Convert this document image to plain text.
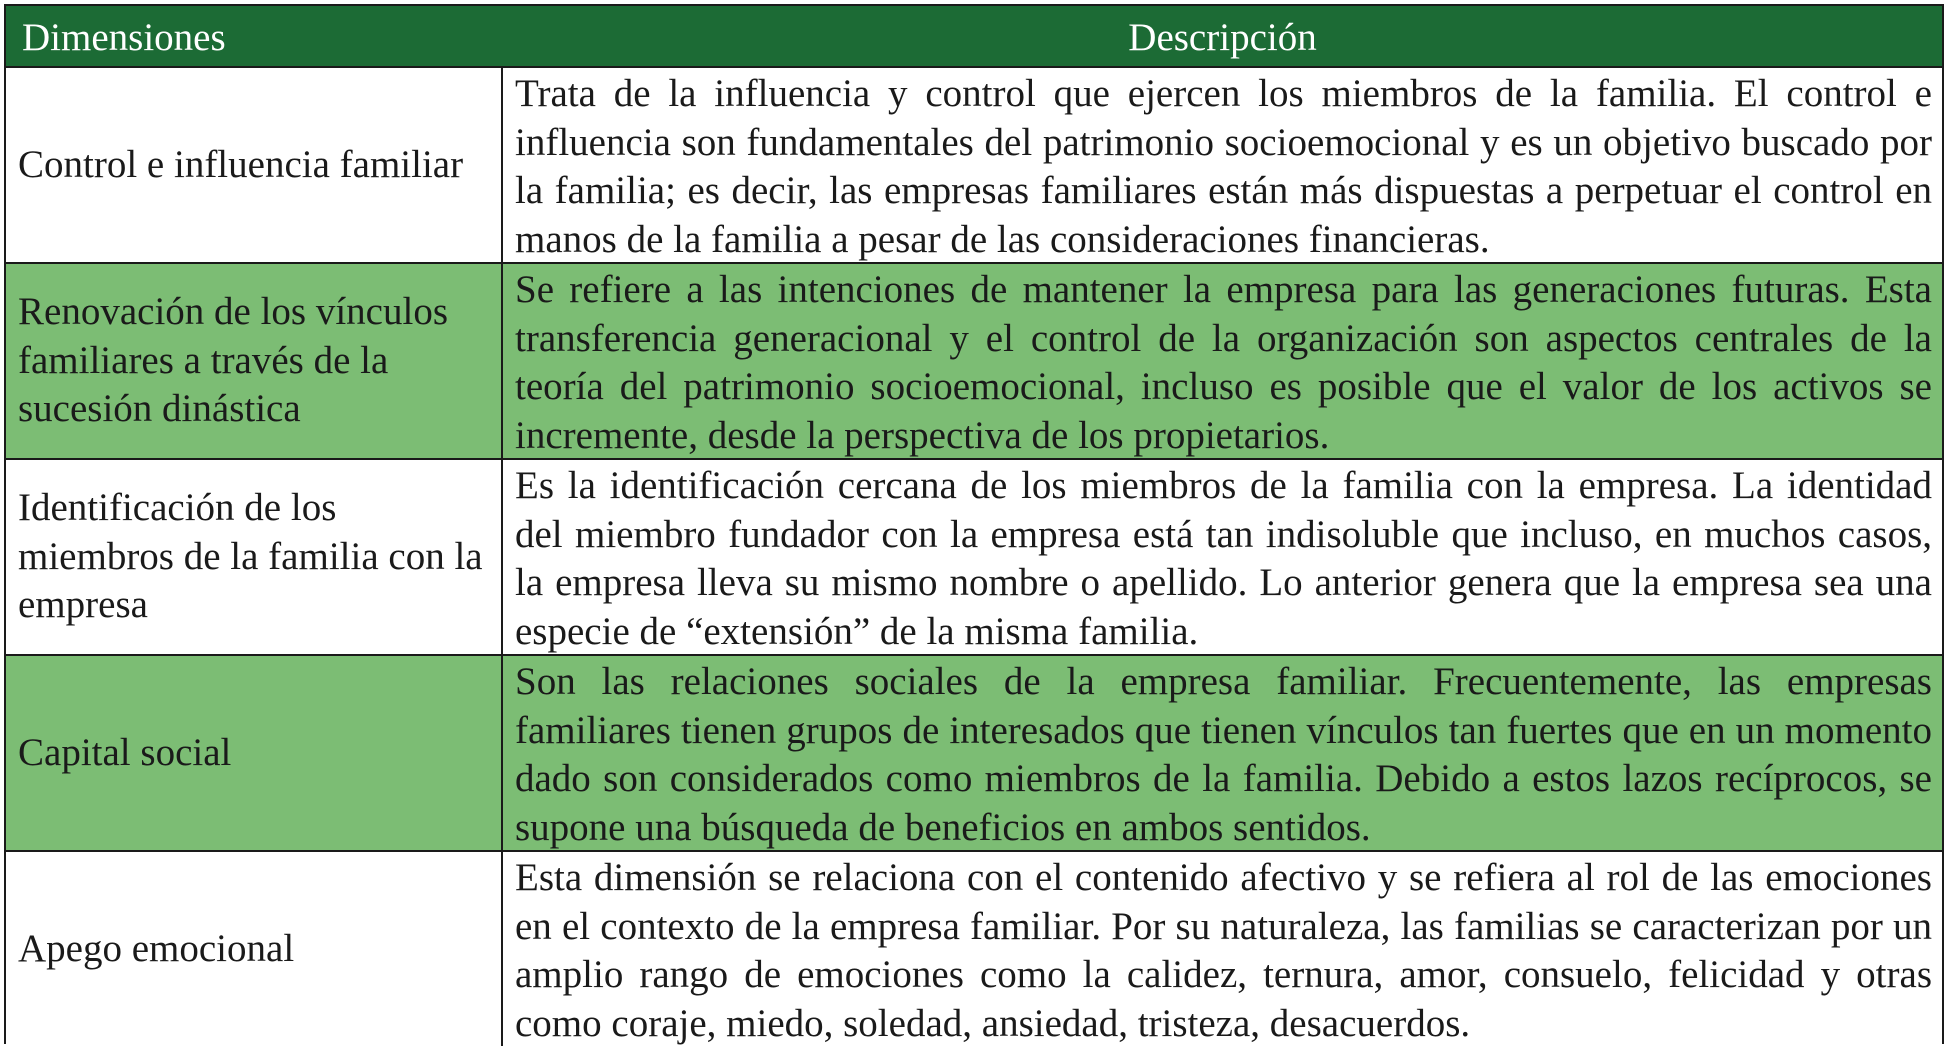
Dimensiones	Descripción
Control e influencia familiar
Trata de la influencia y control que ejercen los miembros de la familia. El control e influencia son fundamentales del patrimonio socioemocional y es un objetivo buscado por la familia; es decir, las empresas familiares están más dispuestas a perpetuar el control en manos de la familia a pesar de las consideraciones financieras.
Renovación de los vínculos familiares a través de la sucesión dinástica
Se refiere a las intenciones de mantener la empresa para las generaciones futuras. Esta transferencia generacional y el control de la organización son aspectos centrales de la teoría del patrimonio socioemocional, incluso es posible que el valor de los activos se incremente, desde la perspectiva de los propietarios.
Identificación de los miembros de la familia con la empresa
Es la identificación cercana de los miembros de la familia con la empresa. La identidad del miembro fundador con la empresa está tan indisoluble que incluso, en muchos casos, la empresa lleva su mismo nombre o apellido. Lo anterior genera que la empresa sea una especie de “extensión” de la misma familia.
Capital social
Son las relaciones sociales de la empresa familiar. Frecuentemente, las empresas familiares tienen grupos de interesados que tienen vínculos tan fuertes que en un momento dado son considerados como miembros de la familia. Debido a estos lazos recíprocos, se supone una búsqueda de beneficios en ambos sentidos.
Apego emocional
Esta dimensión se relaciona con el contenido afectivo y se refiera al rol de las emociones en el contexto de la empresa familiar. Por su naturaleza, las familias se caracterizan por un amplio rango de emociones como la calidez, ternura, amor, consuelo, felicidad y otras como coraje, miedo, soledad, ansiedad, tristeza, desacuerdos.
